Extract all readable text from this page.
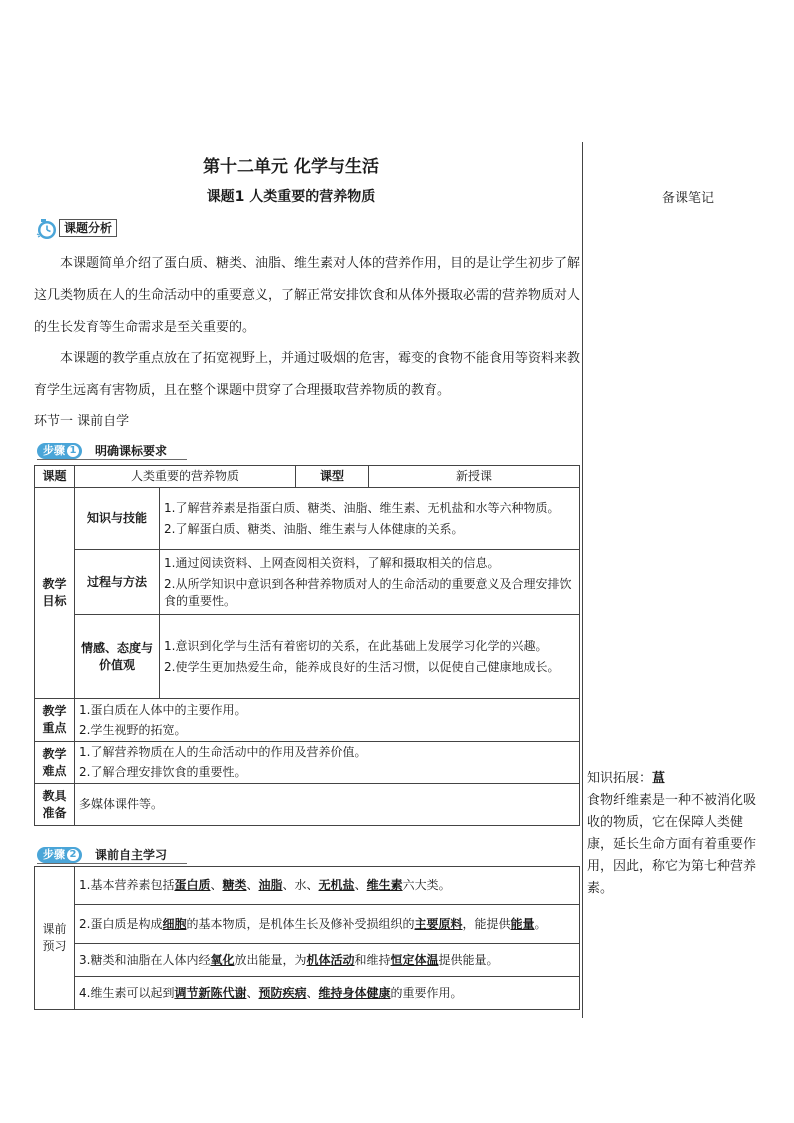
第十二单元 化学与生活
课题1 人类重要的营养物质	备课笔记
课题分析
本课题简单介绍了蛋白质、糖类、油脂、维生素对人体的营养作用，目的是让学生初步了解这几类物质在人的生命活动中的重要意义，了解正常安排饮食和从体外摄取必需的营养物质对人的生长发育等生命需求是至关重要的。
本课题的教学重点放在了拓宽视野上，并通过吸烟的危害，霉变的食物不能食用等资料来教育学生远离有害物质，且在整个课题中贯穿了合理摄取营养物质的教育。
环节一 课前自学
步骤 1	明确课标要求
课题	人类重要的营养物质		课型	新授课
教学目标	知识与技能	1.了解营养素是指蛋白质、糖类、油脂、维生素、无机盐和水等六种物质。
2.了解蛋白质、糖类、油脂、维生素与人体健康的关系。		

	过程与方法	1.通过阅读资料、上网查阅相关资料，了解和摄取相关的信息。
2.从所学知识中意识到各种营养物质对人的生命活动的重要意义及合理安排饮食的重要性。		

	情感、态度与价值观	1.意识到化学与生活有着密切的关系，在此基础上发展学习化学的兴趣。
2.使学生更加热爱生命，能养成良好的生活习惯，以促使自己健康地成长。		

教学重点	1.蛋白质在人体中的主要作用。
2.学生视野的拓宽。			

教学难点	1.了解营养物质在人的生命活动中的作用及营养价值。
2.了解合理安排饮食的重要性。			

教具准备	多媒体课件等。			
步骤 2	课前自主学习
课前预习	1.基本营养素包括蛋白质、糖类、油脂、水、无机盐、维生素六大类。
2.蛋白质是构成细胞的基本物质，是机体生长及修补受损组织的主要原料，能提供能量。
3.糖类和油脂在人体内经氧化放出能量，为机体活动和维持恒定体温提供能量。
4.维生素可以起到调节新陈代谢、预防疾病、维持身体健康的重要作用。
知识拓展：蒀
食物纤维素是一种不被消化吸收的物质，它在保障人类健康，延长生命方面有着重要作用，因此，称它为第七种营养素。
